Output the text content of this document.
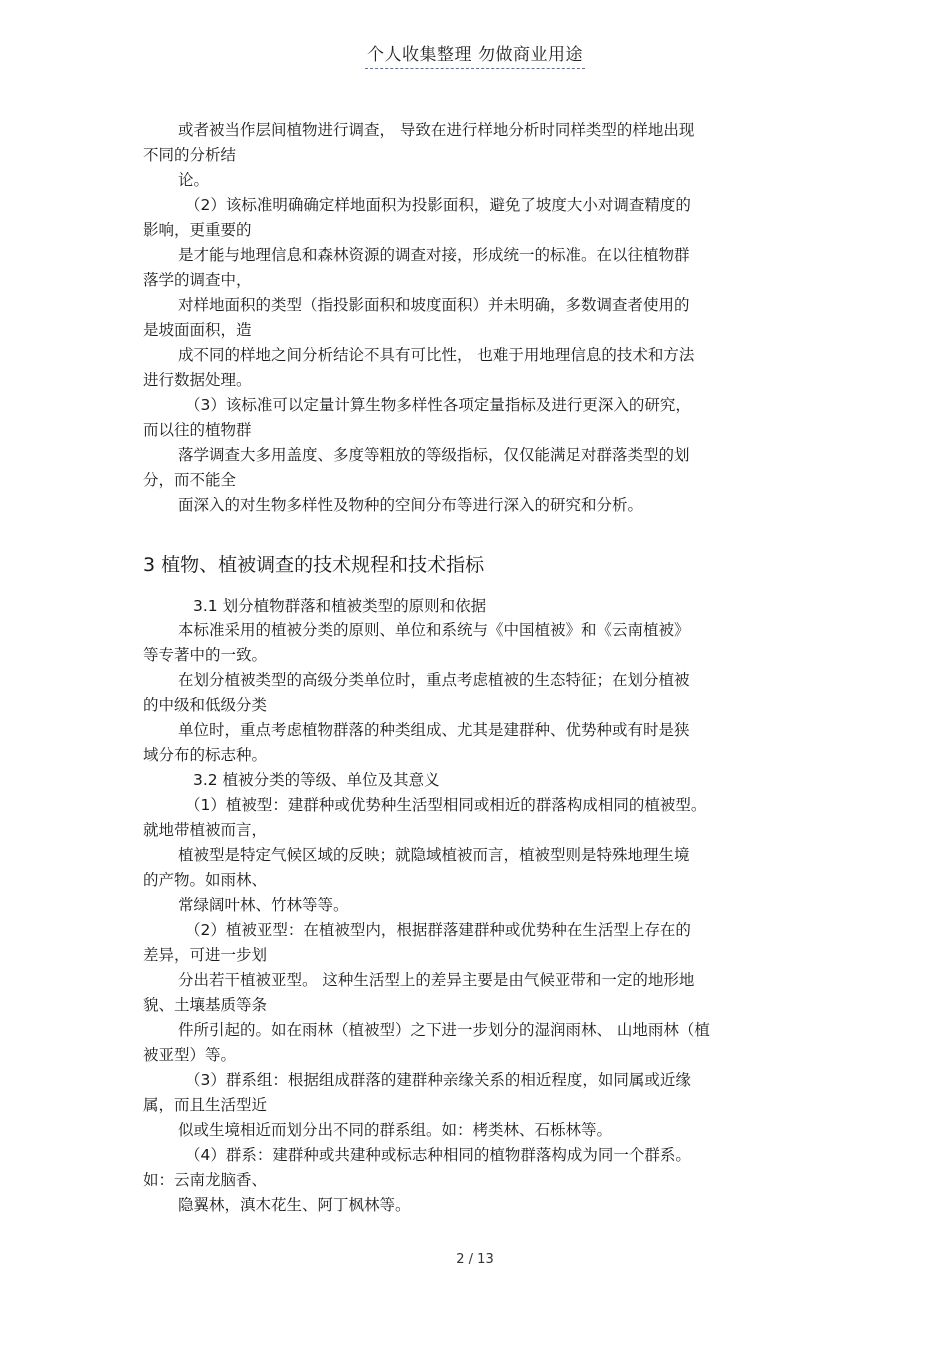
个人收集整理 勿做商业用途
或者被当作层间植物进行调查， 导致在进行样地分析时同样类型的样地出现
不同的分析结
论。
（2）该标准明确确定样地面积为投影面积，避免了坡度大小对调查精度的
影响，更重要的
是才能与地理信息和森林资源的调查对接，形成统一的标准。在以往植物群
落学的调查中，
对样地面积的类型（指投影面积和坡度面积）并未明确，多数调查者使用的
是坡面面积，造
成不同的样地之间分析结论不具有可比性， 也难于用地理信息的技术和方法
进行数据处理。
（3）该标准可以定量计算生物多样性各项定量指标及进行更深入的研究，
而以往的植物群
落学调查大多用盖度、多度等粗放的等级指标，仅仅能满足对群落类型的划
分，而不能全
面深入的对生物多样性及物种的空间分布等进行深入的研究和分析。
3 植物、植被调查的技术规程和技术指标
3.1 划分植物群落和植被类型的原则和依据
本标准采用的植被分类的原则、单位和系统与《中国植被》和《云南植被》
等专著中的一致。
在划分植被类型的高级分类单位时，重点考虑植被的生态特征；在划分植被
的中级和低级分类
单位时，重点考虑植物群落的种类组成、尤其是建群种、优势种或有时是狭
域分布的标志种。
3.2 植被分类的等级、单位及其意义
（1）植被型：建群种或优势种生活型相同或相近的群落构成相同的植被型。
就地带植被而言，
植被型是特定气候区域的反映；就隐域植被而言，植被型则是特殊地理生境
的产物。如雨林、
常绿阔叶林、竹林等等。
（2）植被亚型：在植被型内，根据群落建群种或优势种在生活型上存在的
差异，可进一步划
分出若干植被亚型。 这种生活型上的差异主要是由气候亚带和一定的地形地
貌、土壤基质等条
件所引起的。如在雨林（植被型）之下进一步划分的湿润雨林、 山地雨林（植
被亚型）等。
（3）群系组：根据组成群落的建群种亲缘关系的相近程度，如同属或近缘
属，而且生活型近
似或生境相近而划分出不同的群系组。如：栲类林、石栎林等。
（4）群系：建群种或共建种或标志种相同的植物群落构成为同一个群系。
如：云南龙脑香、
隐翼林，滇木花生、阿丁枫林等。
2 / 13
